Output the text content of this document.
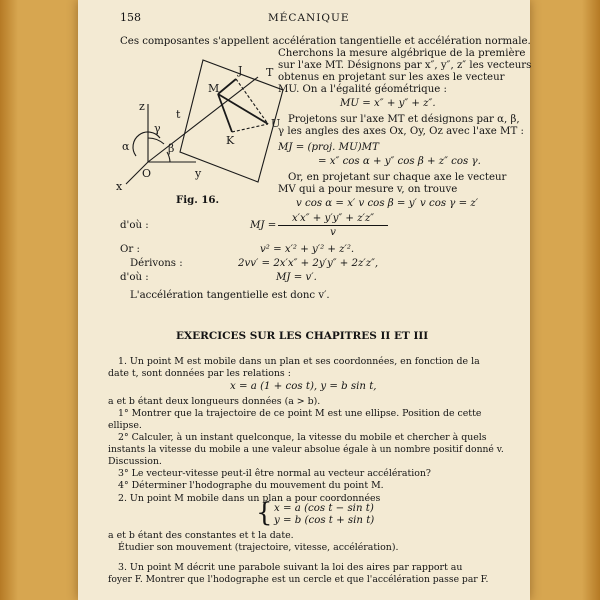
158	MÉCANIQUE
z
y
x
O
α
γ
β
t
M
J T
U
K
Fig. 16.
Ces composantes s'appellent accélération tangentielle et accélération normale.
Cherchons la mesure algébrique de la première
sur l'axe MT. Désignons par x″, y″, z″ les vecteurs
obtenus en projetant sur les axes le vecteur
MU. On a l'égalité géométrique :
MU = x″ + y″ + z″.
Projetons sur l'axe MT et désignons par α, β,
γ les angles des axes Ox, Oy, Oz avec l'axe MT :
MJ = (proj. MU)MT
= x″ cos α + y″ cos β + z″ cos γ.
Or, en projetant sur chaque axe le vecteur
MV qui a pour mesure v, on trouve
v cos α = x′ v cos β = y′ v cos γ = z′
d'où :	MJ =
x′x″ + y′y″ + z′z″
v
Or :	v² = x′² + y′² + z′².
Dérivons :	2vv′ = 2x′x″ + 2y′y″ + 2z′z″,
d'où :	MJ = v′.
L'accélération tangentielle est donc v′.
EXERCICES SUR LES CHAPITRES II ET III
1. Un point M est mobile dans un plan et ses coordonnées, en fonction de la
date t, sont données par les relations :
x = a (1 + cos t), y = b sin t,
a et b étant deux longueurs données (a > b).
1° Montrer que la trajectoire de ce point M est une ellipse. Position de cette
ellipse.
2° Calculer, à un instant quelconque, la vitesse du mobile et chercher à quels
instants la vitesse du mobile a une valeur absolue égale à un nombre positif donné v.
Discussion.
3° Le vecteur-vitesse peut-il être normal au vecteur accélération?
4° Déterminer l'hodographe du mouvement du point M.
2. Un point M mobile dans un plan a pour coordonnées
{ x = a (cos t − sin t)
y = b (cos t + sin t)
a et b étant des constantes et t la date.
Étudier son mouvement (trajectoire, vitesse, accélération).
3. Un point M décrit une parabole suivant la loi des aires par rapport au
foyer F. Montrer que l'hodographe est un cercle et que l'accélération passe par F.
